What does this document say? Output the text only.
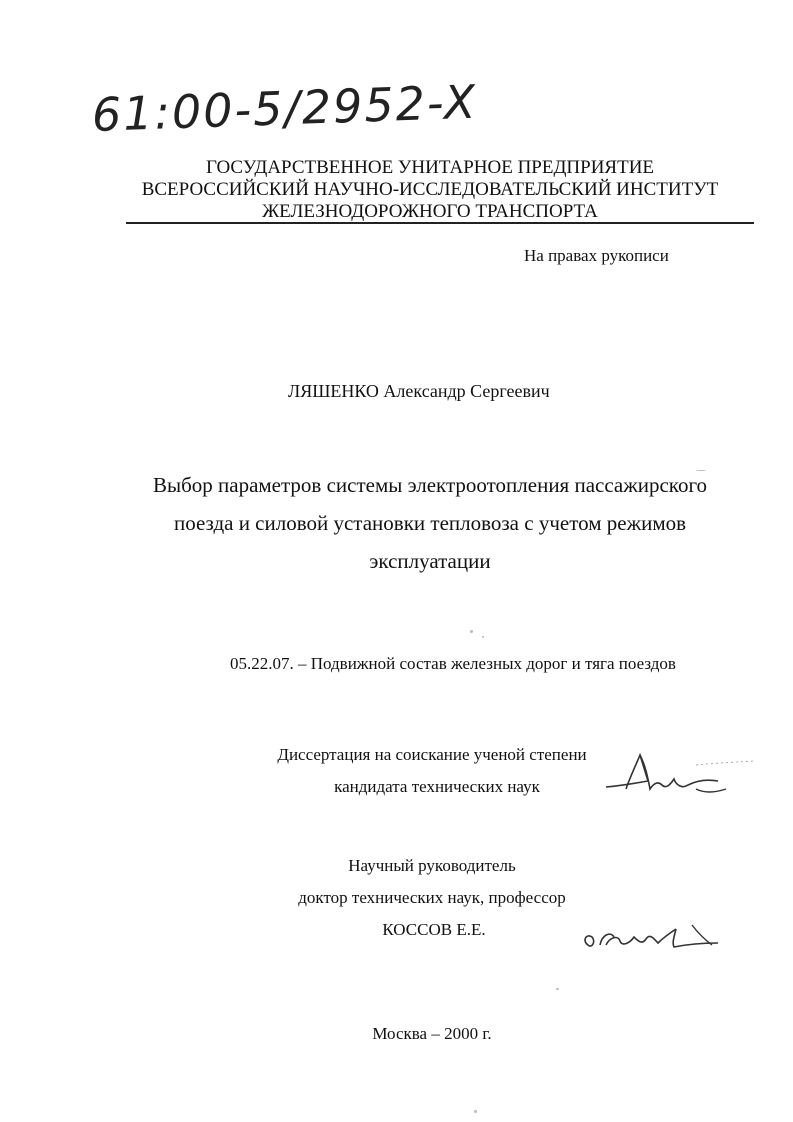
61:00-5/2952-X
ГОСУДАРСТВЕННОЕ УНИТАРНОЕ ПРЕДПРИЯТИЕ
ВСЕРОССИЙСКИЙ НАУЧНО-ИССЛЕДОВАТЕЛЬСКИЙ ИНСТИТУТ
ЖЕЛЕЗНОДОРОЖНОГО ТРАНСПОРТА
На правах рукописи
ЛЯШЕНКО Александр Сергеевич
Выбор параметров системы электроотопления пассажирского
поезда и силовой установки тепловоза с учетом режимов
эксплуатации
05.22.07. – Подвижной состав железных дорог и тяга поездов
Диссертация на соискание ученой степени
кандидата технических наук
Научный руководитель
доктор технических наук, профессор
КОССОВ Е.Е.
Москва – 2000 г.
